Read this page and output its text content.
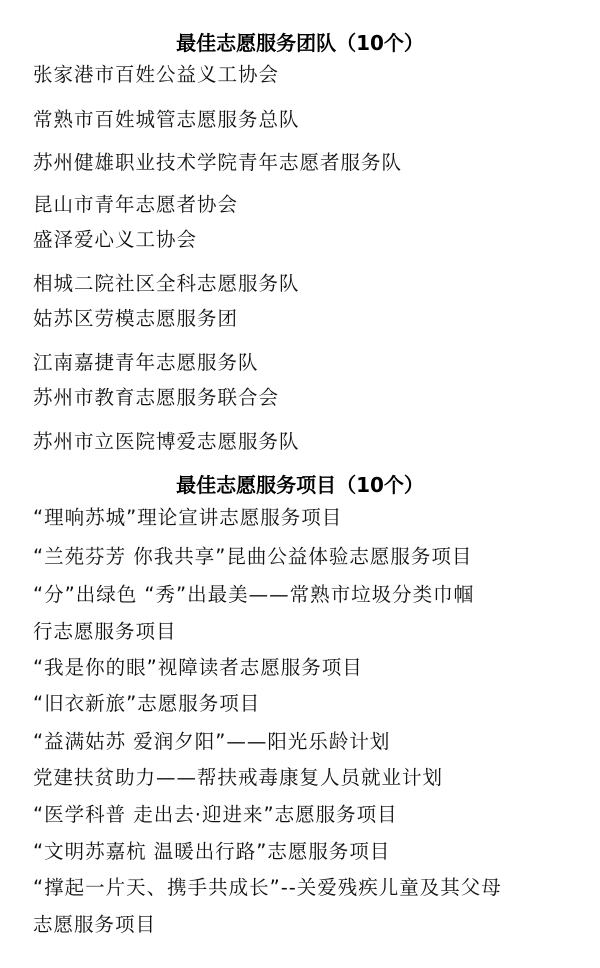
最佳志愿服务团队（10个）
张家港市百姓公益义工协会
常熟市百姓城管志愿服务总队
苏州健雄职业技术学院青年志愿者服务队
昆山市青年志愿者协会
盛泽爱心义工协会
相城二院社区全科志愿服务队
姑苏区劳模志愿服务团
江南嘉捷青年志愿服务队
苏州市教育志愿服务联合会
苏州市立医院博爱志愿服务队
最佳志愿服务项目（10个）
“理响苏城”理论宣讲志愿服务项目
“兰苑芬芳 你我共享”昆曲公益体验志愿服务项目
“分”出绿色 “秀”出最美——常熟市垃圾分类巾帼
行志愿服务项目
“我是你的眼”视障读者志愿服务项目
“旧衣新旅”志愿服务项目
“益满姑苏 爱润夕阳”——阳光乐龄计划
党建扶贫助力——帮扶戒毒康复人员就业计划
“医学科普 走出去·迎进来”志愿服务项目
“文明苏嘉杭 温暖出行路”志愿服务项目
“撑起一片天、携手共成长”--关爱残疾儿童及其父母
志愿服务项目
